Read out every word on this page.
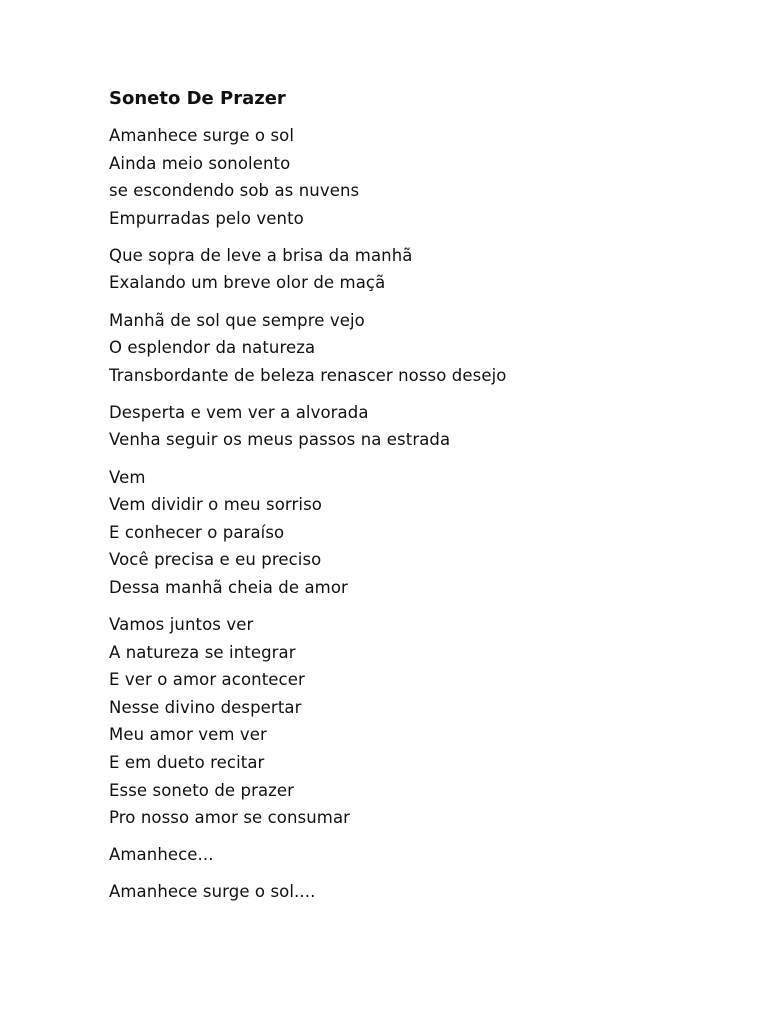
Soneto De Prazer
Amanhece surge o sol
Ainda meio sonolento
se escondendo sob as nuvens
Empurradas pelo vento
Que sopra de leve a brisa da manhã
Exalando um breve olor de maçã
Manhã de sol que sempre vejo
O esplendor da natureza
Transbordante de beleza renascer nosso desejo
Desperta e vem ver a alvorada
Venha seguir os meus passos na estrada
Vem
Vem dividir o meu sorriso
E conhecer o paraíso
Você precisa e eu preciso
Dessa manhã cheia de amor
Vamos juntos ver
A natureza se integrar
E ver o amor acontecer
Nesse divino despertar
Meu amor vem ver
E em dueto recitar
Esse soneto de prazer
Pro nosso amor se consumar
Amanhece...
Amanhece surge o sol....
